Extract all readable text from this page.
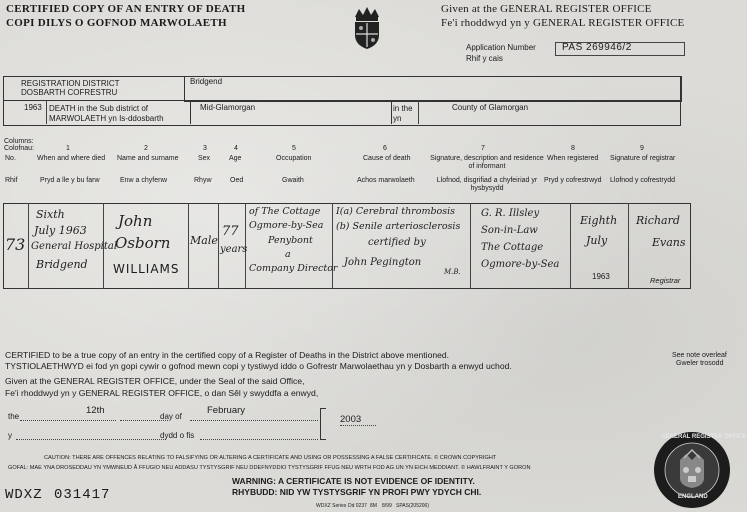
CERTIFIED COPY OF AN ENTRY OF DEATH
COPI DILYS O GOFNOD MARWOLAETH
Given at the GENERAL REGISTER OFFICE
Fe'i rhoddwyd yn y GENERAL REGISTER OFFICE
Application Number
Rhif y cais
PAS 269946/2
REGISTRATION DISTRICT
DOSBARTH COFRESTRU
Bridgend
1963 DEATH in the Sub district of
MARWOLAETH yn Is-ddosbarth
Mid-Glamorgan	in the
yn
County of Glamorgan
Columns:
Colofnau:
No.
Rhif
1
When and where died
Pryd a lle y bu farw
2
Name and surname
Enw a chyfenw
3
Sex
Rhyw
4
Age
Oed
5
Occupation
Gwaith
6
Cause of death
Achos marwolaeth
7
Signature, description and residence of informant
Llofnod, disgrifiad a chyfeiriad yr hysbysydd
8
When registered
Pryd y cofrestrwyd
9
Signature of registrar
Llofnod y cofrestrydd
73
Sixth
July 1963
General Hospital
Bridgend
John
Osborn
WILLIAMS
Male
77
years
of The Cottage
Ogmore-by-Sea
Penybont
a
Company Director
I(a) Cerebral thrombosis
(b) Senile arteriosclerosis
certified by
John Pegington
M.B.
G. R. Illsley
Son-in-Law
The Cottage
Ogmore-by-Sea
Eighth
July
1963
Richard
Evans
Registrar
CERTIFIED to be a true copy of an entry in the certified copy of a Register of Deaths in the District above mentioned.
TYSTIOLAETHWYD ei fod yn gopi cywir o gofnod mewn copi y tystiwyd iddo o Gofrestr Marwolaethau yn y Dosbarth a enwyd uchod.
See note overleaf
Gweler trosodd
Given at the GENERAL REGISTER OFFICE, under the Seal of the said Office,
Fe'i rhoddwyd yn y GENERAL REGISTER OFFICE, o dan Sêl y swyddfa a enwyd,
the
12th
day of
February
y	dydd o fis
2003
CAUTION: THERE ARE OFFENCES RELATING TO FALSIFYING OR ALTERING A CERTIFICATE AND USING OR POSSESSING A FALSE CERTIFICATE. © CROWN COPYRIGHT
GOFAL: MAE YNA DROSEDDAU YN YMWNEUD Â FFUGIO NEU ADDASU TYSTYSGRIF NEU DDEFNYDDIO TYSTYSGRIF FFUG NEU WRTH FOD AG UN YN EICH MEDDIANT. © HAWLFRAINT Y GORON
WARNING: A CERTIFICATE IS NOT EVIDENCE OF IDENTITY.
RHYBUDD: NID YW TYSTYSGRIF YN PROFI PWY YDYCH CHI.
WDXZ 031417
WDXZ Series Dd 0237 8M 8/99 SPAS(205206)
GENERAL REGISTER OFFICE
ENGLAND
